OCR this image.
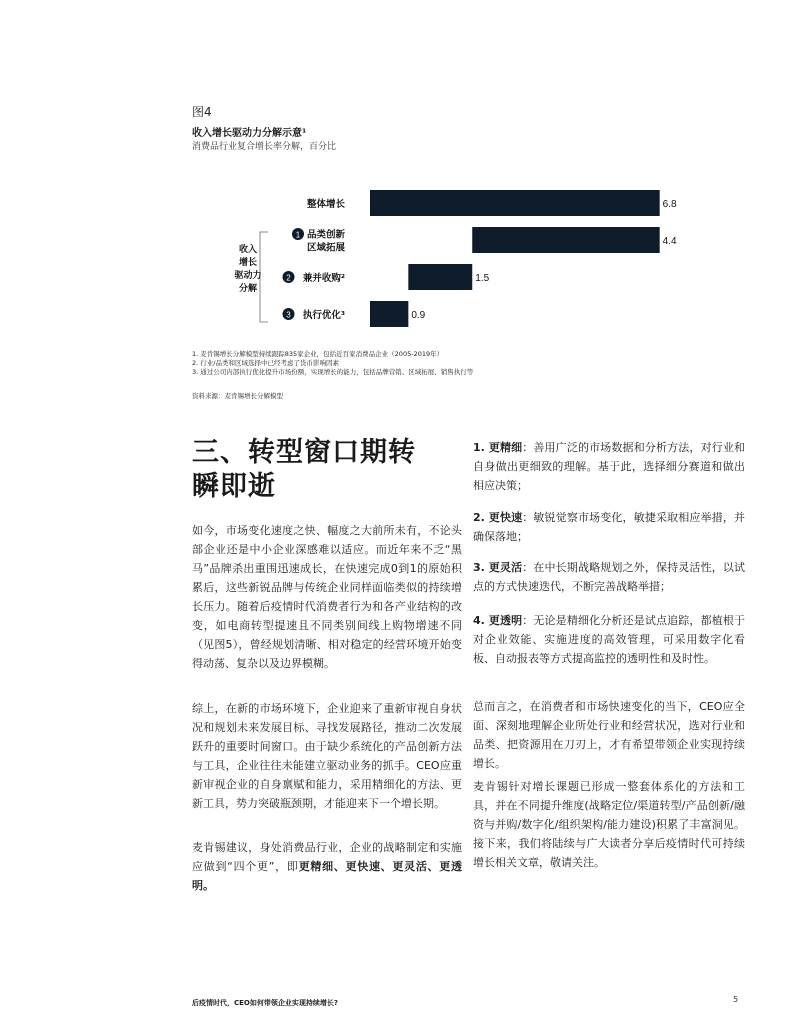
图4
收入增长驱动力分解示意¹
消费品行业复合增长率分解，百分比
收入
增长
驱动力
分解
6.8
整体增长
4.4
品类创新
区域拓展
1
1.5
兼并收购²
2
0.9
执行优化³
3
1. 麦肯锡增长分解模型持续跟踪835家企业，包括近百家消费品企业（2005-2019年）
2. 行业/品类和区域选择中已经考虑了货币影响因素
3. 通过公司内部执行优化提升市场份额，实现增长的能力，包括品牌营销、区域拓展、销售执行等
资料来源：麦肯锡增长分解模型
三、转型窗口期转瞬即逝
如今，市场变化速度之快、幅度之大前所未有，不论头部企业还是中小企业深感难以适应。而近年来不乏“黑马”品牌杀出重围迅速成长，在快速完成0到1的原始积累后，这些新锐品牌与传统企业同样面临类似的持续增长压力。随着后疫情时代消费者行为和各产业结构的改变，如电商转型提速且不同类别间线上购物增速不同（见图5），曾经规划清晰、相对稳定的经营环境开始变得动荡、复杂以及边界模糊。
综上，在新的市场环境下，企业迎来了重新审视自身状况和规划未来发展目标、寻找发展路径，推动二次发展跃升的重要时间窗口。由于缺少系统化的产品创新方法与工具，企业往往未能建立驱动业务的抓手。CEO应重新审视企业的自身禀赋和能力，采用精细化的方法、更新工具，势力突破瓶颈期，才能迎来下一个增长期。
麦肯锡建议，身处消费品行业，企业的战略制定和实施应做到“四个更”，即更精细、更快速、更灵活、更透明。
1. 更精细：善用广泛的市场数据和分析方法，对行业和自身做出更细致的理解。基于此，选择细分赛道和做出相应决策；
2. 更快速：敏锐觉察市场变化，敏捷采取相应举措，并确保落地；
3. 更灵活：在中长期战略规划之外，保持灵活性，以试点的方式快速迭代，不断完善战略举措；
4. 更透明：无论是精细化分析还是试点追踪，都植根于对企业效能、实施进度的高效管理，可采用数字化看板、自动报表等方式提高监控的透明性和及时性。
总而言之，在消费者和市场快速变化的当下，CEO应全面、深刻地理解企业所处行业和经营状况，选对行业和品类、把资源用在刀刃上，才有希望带领企业实现持续增长。
麦肯锡针对增长课题已形成一整套体系化的方法和工具，并在不同提升维度(战略定位/渠道转型/产品创新/融资与并购/数字化/组织架构/能力建设)积累了丰富洞见。接下来，我们将陆续与广大读者分享后疫情时代可持续增长相关文章，敬请关注。
后疫情时代，CEO如何带领企业实现持续增长?	5
